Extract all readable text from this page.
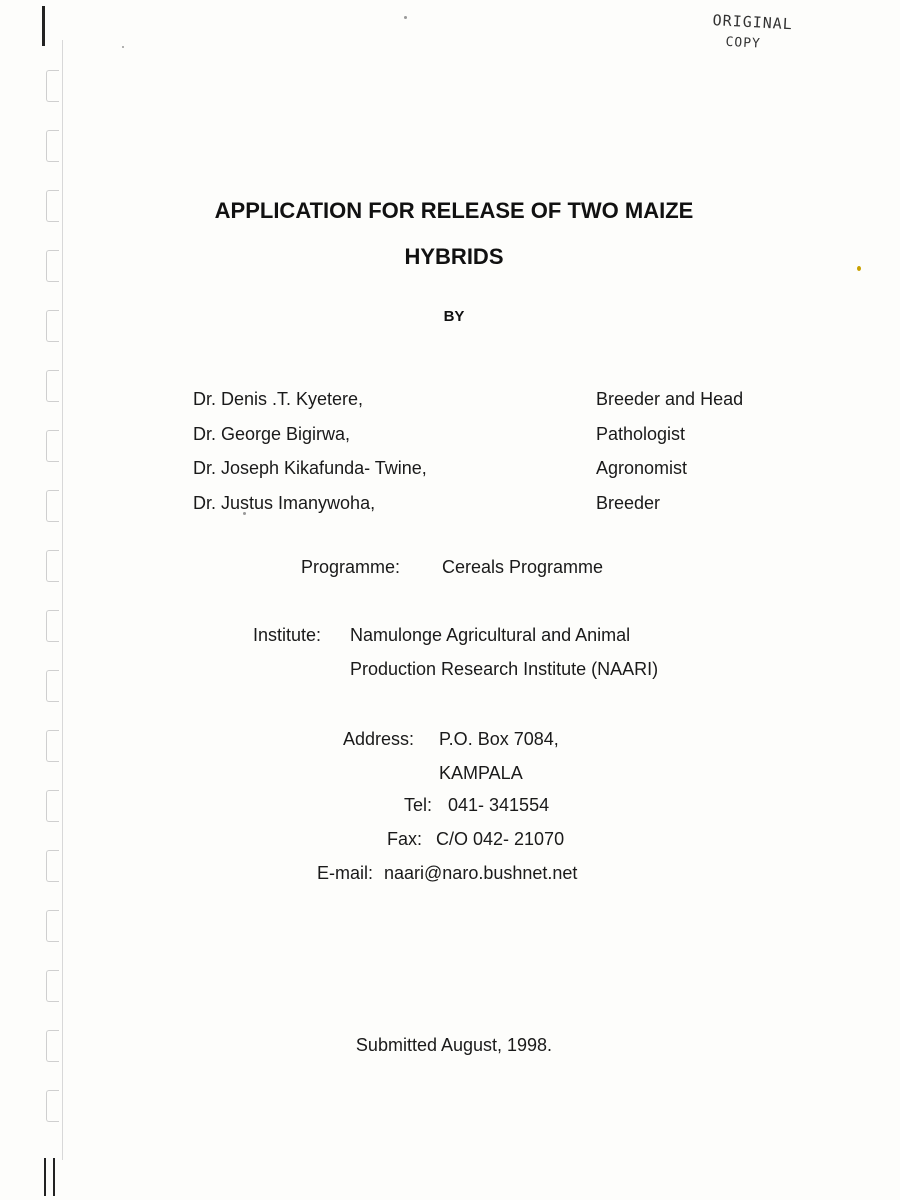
ORIGINAL
COPY
APPLICATION FOR RELEASE OF TWO MAIZE
HYBRIDS
BY
Dr. Denis .T. Kyetere,	Breeder and Head
Dr. George Bigirwa,	Pathologist
Dr. Joseph Kikafunda- Twine,	Agronomist
Dr. Justus Imanywoha,	Breeder
Programme: Cereals Programme
Institute: Namulonge Agricultural and Animal
Production Research Institute (NAARI)
Address: P.O. Box 7084,
KAMPALA
Tel: 041- 341554
Fax: C/O 042- 21070
E-mail: naari@naro.bushnet.net
Submitted August, 1998.
